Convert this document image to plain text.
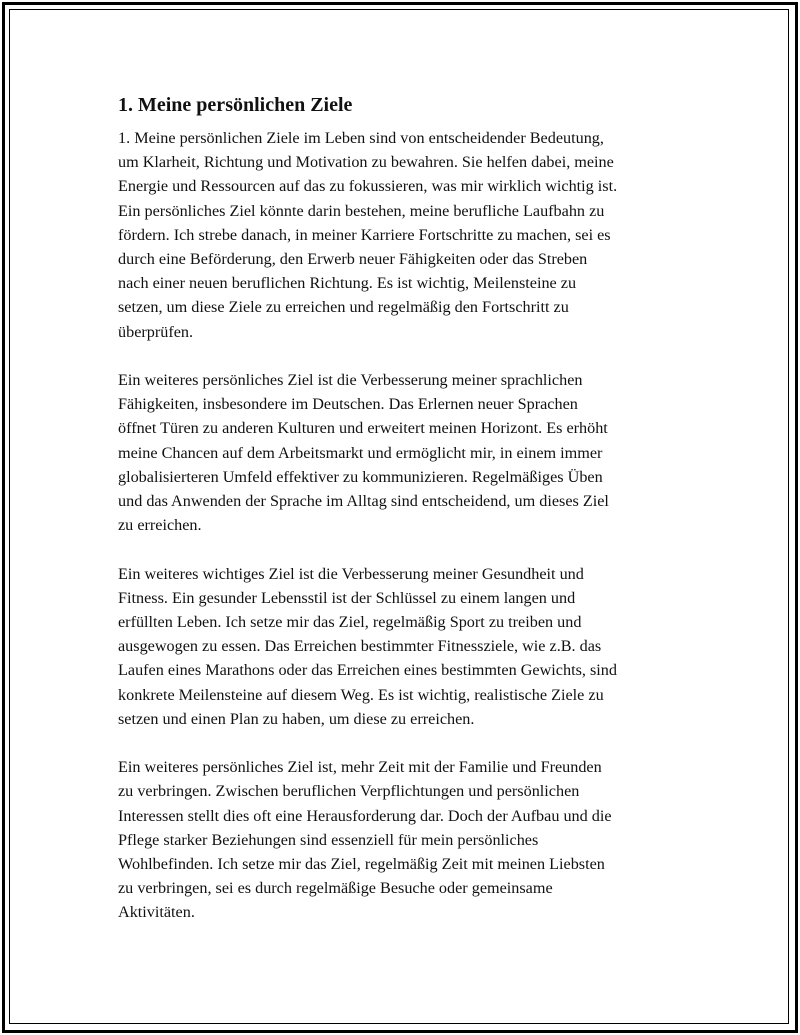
1. Meine persönlichen Ziele

1. Meine persönlichen Ziele im Leben sind von entscheidender Bedeutung,
um Klarheit, Richtung und Motivation zu bewahren. Sie helfen dabei, meine
Energie und Ressourcen auf das zu fokussieren, was mir wirklich wichtig ist.
Ein persönliches Ziel könnte darin bestehen, meine berufliche Laufbahn zu
fördern. Ich strebe danach, in meiner Karriere Fortschritte zu machen, sei es
durch eine Beförderung, den Erwerb neuer Fähigkeiten oder das Streben
nach einer neuen beruflichen Richtung. Es ist wichtig, Meilensteine zu
setzen, um diese Ziele zu erreichen und regelmäßig den Fortschritt zu
überprüfen.

Ein weiteres persönliches Ziel ist die Verbesserung meiner sprachlichen
Fähigkeiten, insbesondere im Deutschen. Das Erlernen neuer Sprachen
öffnet Türen zu anderen Kulturen und erweitert meinen Horizont. Es erhöht
meine Chancen auf dem Arbeitsmarkt und ermöglicht mir, in einem immer
globalisierteren Umfeld effektiver zu kommunizieren. Regelmäßiges Üben
und das Anwenden der Sprache im Alltag sind entscheidend, um dieses Ziel
zu erreichen.

Ein weiteres wichtiges Ziel ist die Verbesserung meiner Gesundheit und
Fitness. Ein gesunder Lebensstil ist der Schlüssel zu einem langen und
erfüllten Leben. Ich setze mir das Ziel, regelmäßig Sport zu treiben und
ausgewogen zu essen. Das Erreichen bestimmter Fitnessziele, wie z.B. das
Laufen eines Marathons oder das Erreichen eines bestimmten Gewichts, sind
konkrete Meilensteine auf diesem Weg. Es ist wichtig, realistische Ziele zu
setzen und einen Plan zu haben, um diese zu erreichen.

Ein weiteres persönliches Ziel ist, mehr Zeit mit der Familie und Freunden
zu verbringen. Zwischen beruflichen Verpflichtungen und persönlichen
Interessen stellt dies oft eine Herausforderung dar. Doch der Aufbau und die
Pflege starker Beziehungen sind essenziell für mein persönliches
Wohlbefinden. Ich setze mir das Ziel, regelmäßig Zeit mit meinen Liebsten
zu verbringen, sei es durch regelmäßige Besuche oder gemeinsame
Aktivitäten.
